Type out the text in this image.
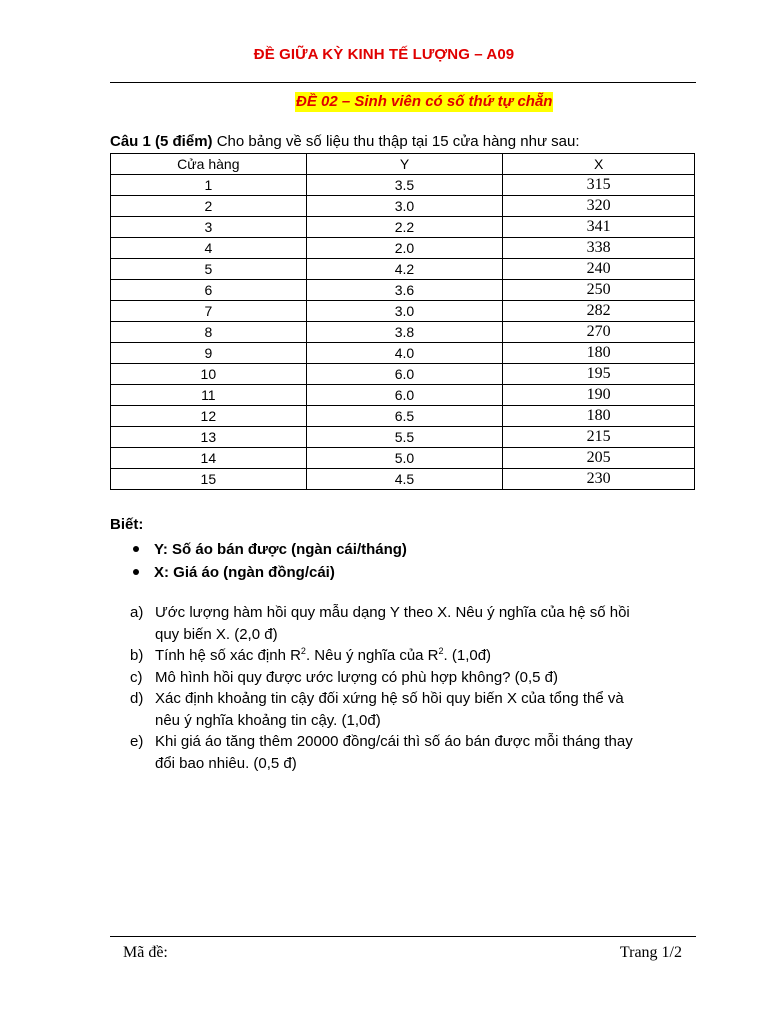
ĐỀ GIỮA KỲ KINH TẾ LƯỢNG – A09
ĐỀ 02 – Sinh viên có số thứ tự chẵn
Câu 1 (5 điểm) Cho bảng về số liệu thu thập tại 15 cửa hàng như sau:
Cửa hàng	Y	X
1	3.5	315
2	3.0	320
3	2.2	341
4	2.0	338
5	4.2	240
6	3.6	250
7	3.0	282
8	3.8	270
9	4.0	180
10	6.0	195
11	6.0	190
12	6.5	180
13	5.5	215
14	5.0	205
15	4.5	230
Biết:
Y: Số áo bán được (ngàn cái/tháng)
X: Giá áo (ngàn đồng/cái)
a) Ước lượng hàm hồi quy mẫu dạng Y theo X. Nêu ý nghĩa của hệ số hồi
quy biến X. (2,0 đ)
b) Tính hệ số xác định $R^2$. Nêu ý nghĩa của $R^2$. (1,0đ)
c) Mô hình hồi quy được ước lượng có phù hợp không? (0,5 đ)
d) Xác định khoảng tin cậy đối xứng hệ số hồi quy biến X của tổng thể và
nêu ý nghĩa khoảng tin cậy. (1,0đ)
e) Khi giá áo tăng thêm 20000 đồng/cái thì số áo bán được mỗi tháng thay
đổi bao nhiêu. (0,5 đ)
Mã đề:	Trang 1/2
